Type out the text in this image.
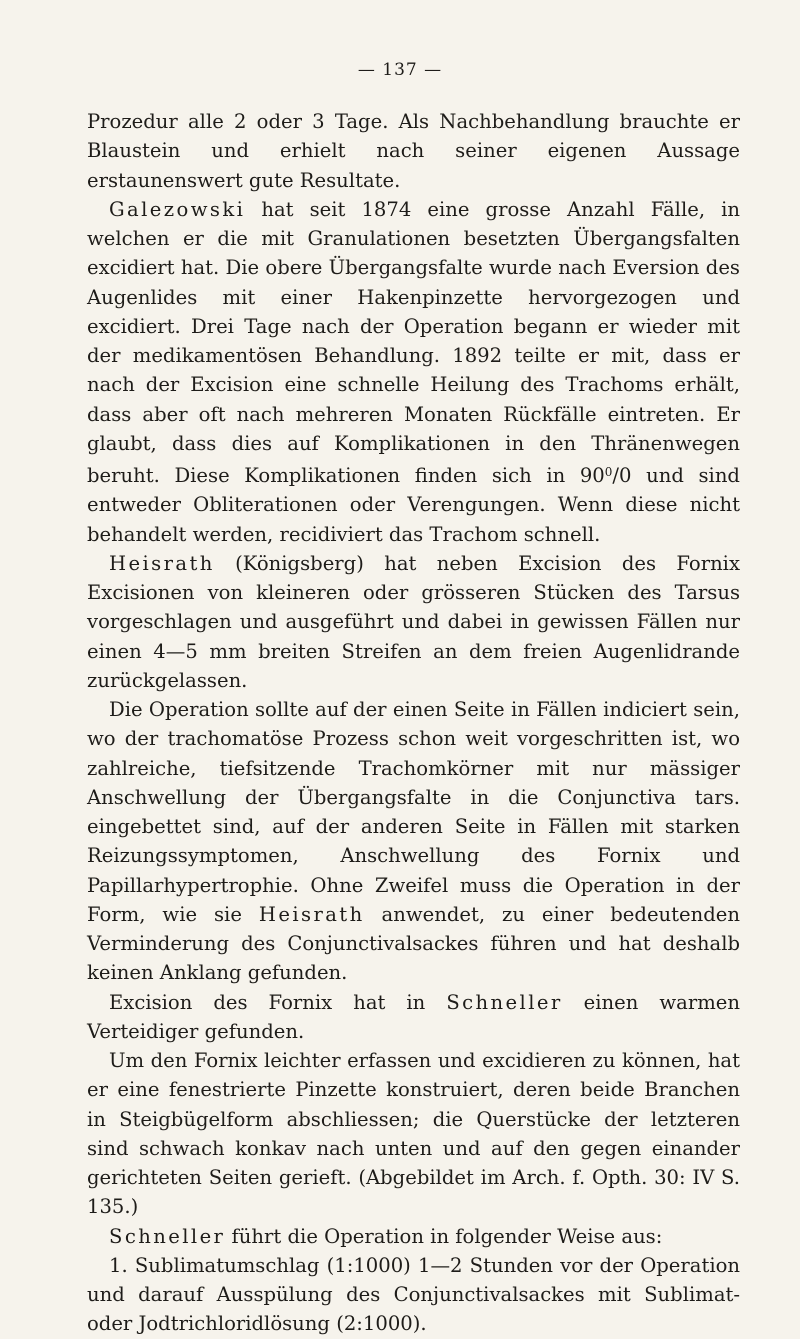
— 137 —

Prozedur alle 2 oder 3 Tage. Als Nachbehandlung brauchte er Blaustein und erhielt nach seiner eigenen Aussage erstaunenswert gute Resultate.

Galezowski hat seit 1874 eine grosse Anzahl Fälle, in welchen er die mit Granulationen besetzten Übergangsfalten excidiert hat. Die obere Übergangsfalte wurde nach Eversion des Augenlides mit einer Hakenpinzette hervorgezogen und excidiert. Drei Tage nach der Operation begann er wieder mit der medikamentösen Behandlung. 1892 teilte er mit, dass er nach der Excision eine schnelle Heilung des Trachoms erhält, dass aber oft nach mehreren Monaten Rückfälle eintreten. Er glaubt, dass dies auf Komplikationen in den Thränenwegen beruht. Diese Komplikationen finden sich in $90^0/0$ und sind entweder Obliterationen oder Verengungen. Wenn diese nicht behandelt werden, recidiviert das Trachom schnell.

Heisrath (Königsberg) hat neben Excision des Fornix Excisionen von kleineren oder grösseren Stücken des Tarsus vorgeschlagen und ausgeführt und dabei in gewissen Fällen nur einen 4—5 mm breiten Streifen an dem freien Augenlidrande zurückgelassen.

Die Operation sollte auf der einen Seite in Fällen indiciert sein, wo der trachomatöse Prozess schon weit vorgeschritten ist, wo zahlreiche, tiefsitzende Trachomkörner mit nur mässiger Anschwellung der Übergangsfalte in die Conjunctiva tars. eingebettet sind, auf der anderen Seite in Fällen mit starken Reizungssymptomen, Anschwellung des Fornix und Papillarhypertrophie. Ohne Zweifel muss die Operation in der Form, wie sie Heisrath anwendet, zu einer bedeutenden Verminderung des Conjunctivalsackes führen und hat deshalb keinen Anklang gefunden.

Excision des Fornix hat in Schneller einen warmen Verteidiger gefunden.

Um den Fornix leichter erfassen und excidieren zu können, hat er eine fenestrierte Pinzette konstruiert, deren beide Branchen in Steigbügelform abschliessen; die Querstücke der letzteren sind schwach konkav nach unten und auf den gegen einander gerichteten Seiten gerieft. (Abgebildet im Arch. f. Opth. 30: IV S. 135.)

Schneller führt die Operation in folgender Weise aus:

1. Sublimatumschlag (1:1000) 1—2 Stunden vor der Operation und darauf Ausspülung des Conjunctivalsackes mit Sublimat- oder Jodtrichloridlösung (2:1000).
